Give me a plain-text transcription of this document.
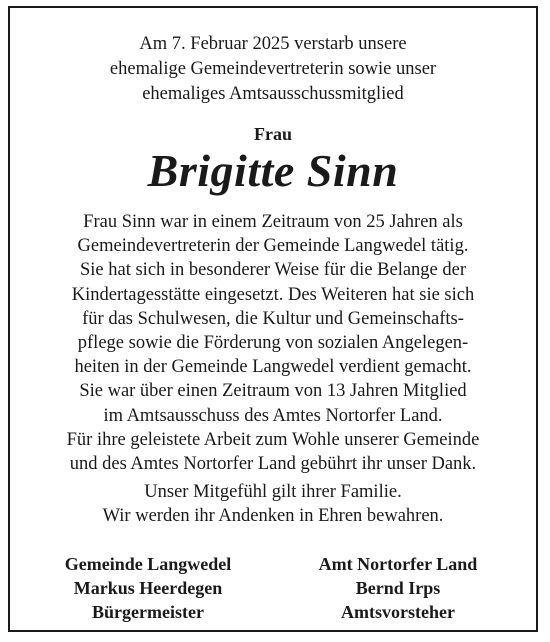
Am 7. Februar 2025 verstarb unsere
ehemalige Gemeindevertreterin sowie unser
ehemaliges Amtsausschussmitglied
Frau
Brigitte Sinn
Frau Sinn war in einem Zeitraum von 25 Jahren als
Gemeindevertreterin der Gemeinde Langwedel tätig.
Sie hat sich in besonderer Weise für die Belange der
Kindertagesstätte eingesetzt. Des Weiteren hat sie sich
für das Schulwesen, die Kultur und Gemeinschafts-
pflege sowie die Förderung von sozialen Angelegen-
heiten in der Gemeinde Langwedel verdient gemacht.
Sie war über einen Zeitraum von 13 Jahren Mitglied
im Amtsausschuss des Amtes Nortorfer Land.
Für ihre geleistete Arbeit zum Wohle unserer Gemeinde
und des Amtes Nortorfer Land gebührt ihr unser Dank.
Unser Mitgefühl gilt ihrer Familie.
Wir werden ihr Andenken in Ehren bewahren.
Gemeinde Langwedel
Markus Heerdegen
Bürgermeister
Amt Nortorfer Land
Bernd Irps
Amtsvorsteher
